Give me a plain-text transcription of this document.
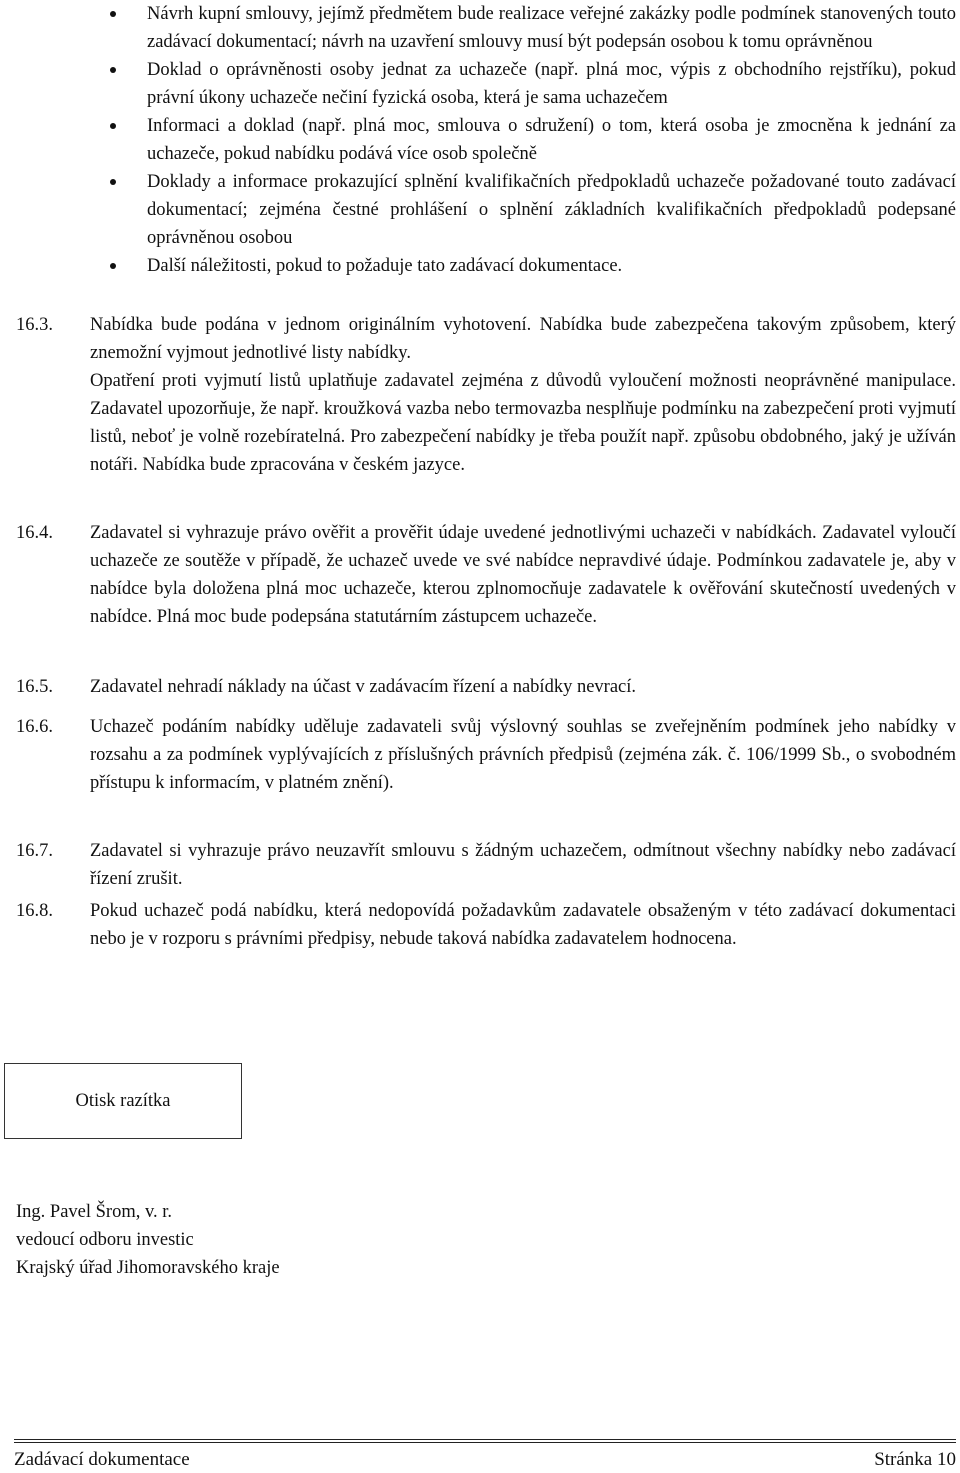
Návrh kupní smlouvy, jejímž předmětem bude realizace veřejné zakázky podle podmínek stanovených touto zadávací dokumentací; návrh na uzavření smlouvy musí být podepsán osobou k tomu oprávněnou
Doklad o oprávněnosti osoby jednat za uchazeče (např. plná moc, výpis z obchodního rejstříku), pokud právní úkony uchazeče nečiní fyzická osoba, která je sama uchazečem
Informaci a doklad (např. plná moc, smlouva o sdružení) o tom, která osoba je zmocněna k jednání za uchazeče, pokud nabídku podává více osob společně
Doklady a informace prokazující splnění kvalifikačních předpokladů uchazeče požadované touto zadávací dokumentací; zejména čestné prohlášení o splnění základních kvalifikačních předpokladů podepsané oprávněnou osobou
Další náležitosti, pokud to požaduje tato zadávací dokumentace.
16.3. Nabídka bude podána v jednom originálním vyhotovení. Nabídka bude zabezpečena takovým způsobem, který znemožní vyjmout jednotlivé listy nabídky.

Opatření proti vyjmutí listů uplatňuje zadavatel zejména z důvodů vyloučení možnosti neoprávněné manipulace. Zadavatel upozorňuje, že např. kroužková vazba nebo termovazba nesplňuje podmínku na zabezpečení proti vyjmutí listů, neboť je volně rozebíratelná. Pro zabezpečení nabídky je třeba použít např. způsobu obdobného, jaký je užíván notáři. Nabídka bude zpracována v českém jazyce.

16.4. Zadavatel si vyhrazuje právo ověřit a prověřit údaje uvedené jednotlivými uchazeči v nabídkách. Zadavatel vyloučí uchazeče ze soutěže v případě, že uchazeč uvede ve své nabídce nepravdivé údaje. Podmínkou zadavatele je, aby v nabídce byla doložena plná moc uchazeče, kterou zplnomocňuje zadavatele k ověřování skutečností uvedených v nabídce. Plná moc bude podepsána statutárním zástupcem uchazeče.

16.5. Zadavatel nehradí náklady na účast v zadávacím řízení a nabídky nevrací.

16.6. Uchazeč podáním nabídky uděluje zadavateli svůj výslovný souhlas se zveřejněním podmínek jeho nabídky v rozsahu a za podmínek vyplývajících z příslušných právních předpisů (zejména zák. č. 106/1999 Sb., o svobodném přístupu k informacím, v platném znění).

16.7. Zadavatel si vyhrazuje právo neuzavřít smlouvu s žádným uchazečem, odmítnout všechny nabídky nebo zadávací řízení zrušit.

16.8. Pokud uchazeč podá nabídku, která nedopovídá požadavkům zadavatele obsaženým v této zadávací dokumentaci nebo je v rozporu s právními předpisy, nebude taková nabídka zadavatelem hodnocena.

Otisk razítka
Ing. Pavel Šrom, v. r.
vedoucí odboru investic
Krajský úřad Jihomoravského kraje
Zadávací dokumentace	Stránka 10
